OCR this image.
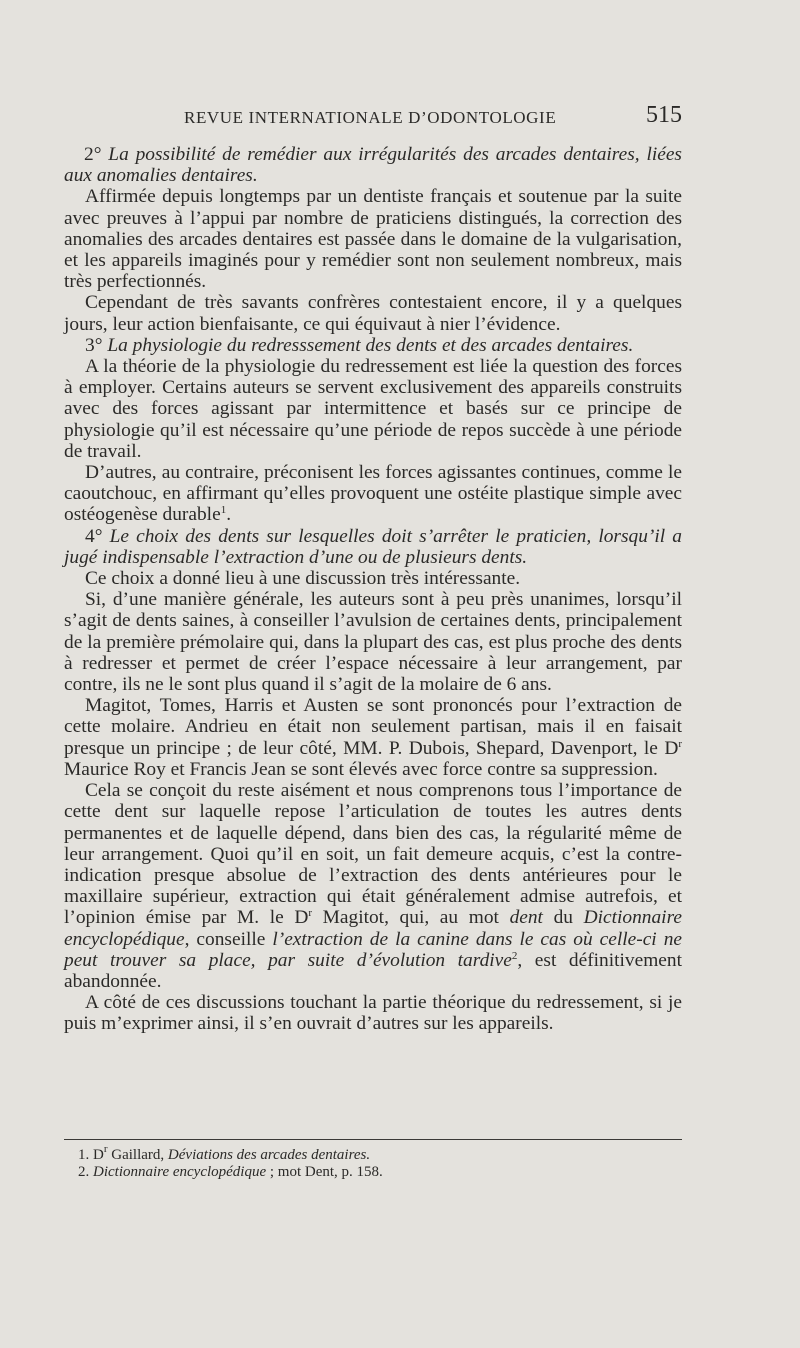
REVUE INTERNATIONALE D’ODONTOLOGIE	515

2° La possibilité de remédier aux irrégularités des arcades dentaires, liées aux anomalies dentaires.

Affirmée depuis longtemps par un dentiste français et soutenue par la suite avec preuves à l’appui par nombre de praticiens distingués, la correction des anomalies des arcades dentaires est passée dans le domaine de la vulgarisation, et les appareils imaginés pour y remédier sont non seulement nombreux, mais très perfectionnés.

Cependant de très savants confrères contestaient encore, il y a quelques jours, leur action bienfaisante, ce qui équivaut à nier l’évidence.

3° La physiologie du redresssement des dents et des arcades dentaires.

A la théorie de la physiologie du redressement est liée la question des forces à employer. Certains auteurs se servent exclusivement des appareils construits avec des forces agissant par intermittence et basés sur ce principe de physiologie qu’il est nécessaire qu’une période de repos succède à une période de travail.

D’autres, au contraire, préconisent les forces agissantes continues, comme le caoutchouc, en affirmant qu’elles provoquent une ostéite plastique simple avec ostéogenèse durable$^1$.

4° Le choix des dents sur lesquelles doit s’arrêter le praticien, lorsqu’il a jugé indispensable l’extraction d’une ou de plusieurs dents.

Ce choix a donné lieu à une discussion très intéressante.

Si, d’une manière générale, les auteurs sont à peu près unanimes, lorsqu’il s’agit de dents saines, à conseiller l’avulsion de certaines dents, principalement de la première prémolaire qui, dans la plupart des cas, est plus proche des dents à redresser et permet de créer l’espace nécessaire à leur arrangement, par contre, ils ne le sont plus quand il s’agit de la molaire de 6 ans.

Magitot, Tomes, Harris et Austen se sont prononcés pour l’extraction de cette molaire. Andrieu en était non seulement partisan, mais il en faisait presque un principe ; de leur côté, MM. P. Dubois, Shepard, Davenport, le $D^r$ Maurice Roy et Francis Jean se sont élevés avec force contre sa suppression.

Cela se conçoit du reste aisément et nous comprenons tous l’importance de cette dent sur laquelle repose l’articulation de toutes les autres dents permanentes et de laquelle dépend, dans bien des cas, la régularité même de leur arrangement. Quoi qu’il en soit, un fait demeure acquis, c’est la contre-indication presque absolue de l’extraction des dents antérieures pour le maxillaire supérieur, extraction qui était généralement admise autrefois, et l’opinion émise par M. le $D^r$ Magitot, qui, au mot dent du Dictionnaire encyclopédique, conseille l’extraction de la canine dans le cas où celle-ci ne peut trouver sa place, par suite d’évolution tardive$^2$, est définitivement abandonnée.

A côté de ces discussions touchant la partie théorique du redressement, si je puis m’exprimer ainsi, il s’en ouvrait d’autres sur les appareils.

1. $D^r$ Gaillard, Déviations des arcades dentaires.
2. Dictionnaire encyclopédique ; mot Dent, p. 158.
